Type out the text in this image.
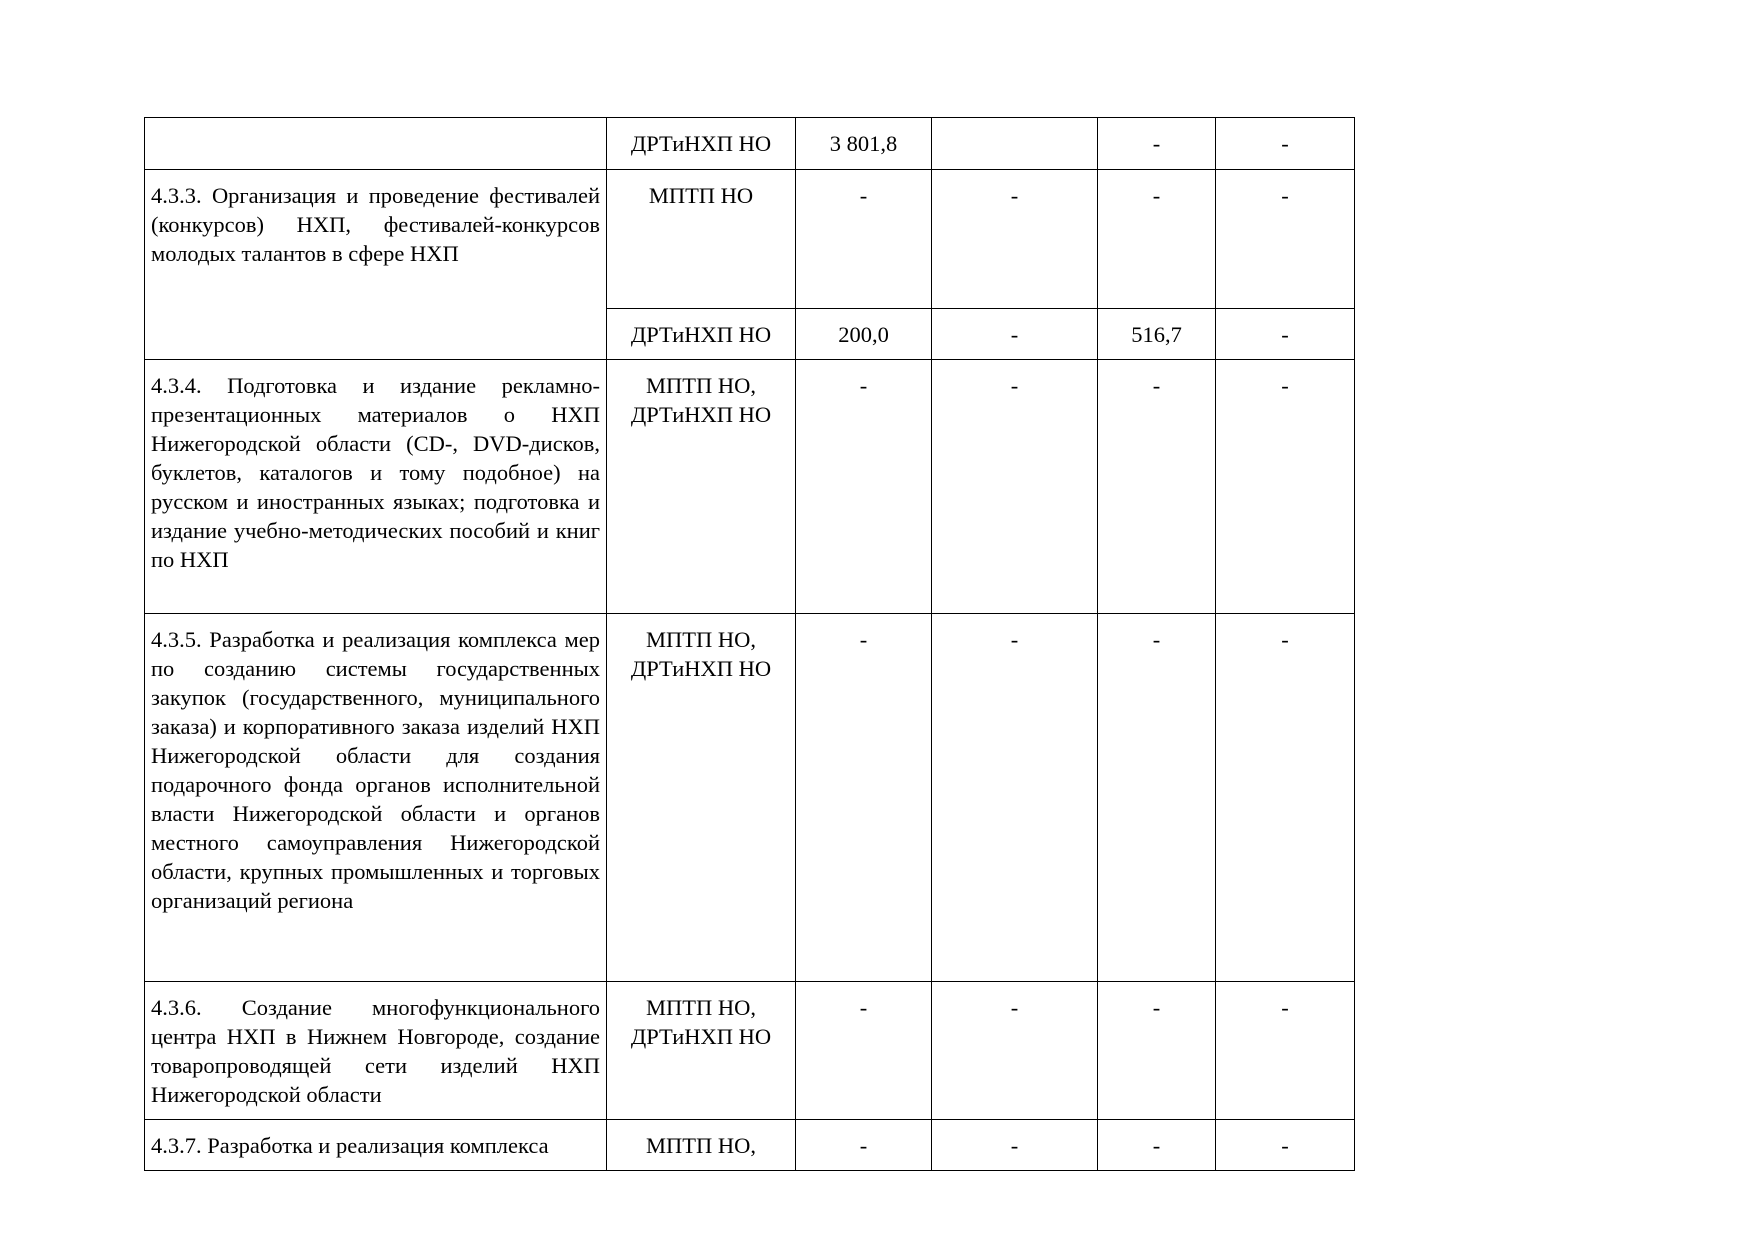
	ДРТиНХП НО	3 801,8		-	-
4.3.3. Организация и проведение фестивалей (конкурсов) НХП, фестивалей-конкурсов молодых талантов в сфере НХП	МПТП НО	-	-	-	-
	ДРТиНХП НО	200,0	-	516,7	-
4.3.4. Подготовка и издание рекламно-презентационных материалов о НХП Нижегородской области (CD-, DVD-дисков, буклетов, каталогов и тому подобное) на русском и иностранных языках; подготовка и издание учебно-методических пособий и книг по НХП	МПТП НО, ДРТиНХП НО	-	-	-	-
4.3.5. Разработка и реализация комплекса мер по созданию системы государственных закупок (государственного, муниципального заказа) и корпоративного заказа изделий НХП Нижегородской области для создания подарочного фонда органов исполнительной власти Нижегородской области и органов местного самоуправления Нижегородской области, крупных промышленных и торговых организаций региона	МПТП НО, ДРТиНХП НО	-	-	-	-
4.3.6. Создание многофункционального центра НХП в Нижнем Новгороде, создание товаропроводящей сети изделий НХП Нижегородской области	МПТП НО, ДРТиНХП НО	-	-	-	-
4.3.7. Разработка и реализация комплекса	МПТП НО,	-	-	-	-
